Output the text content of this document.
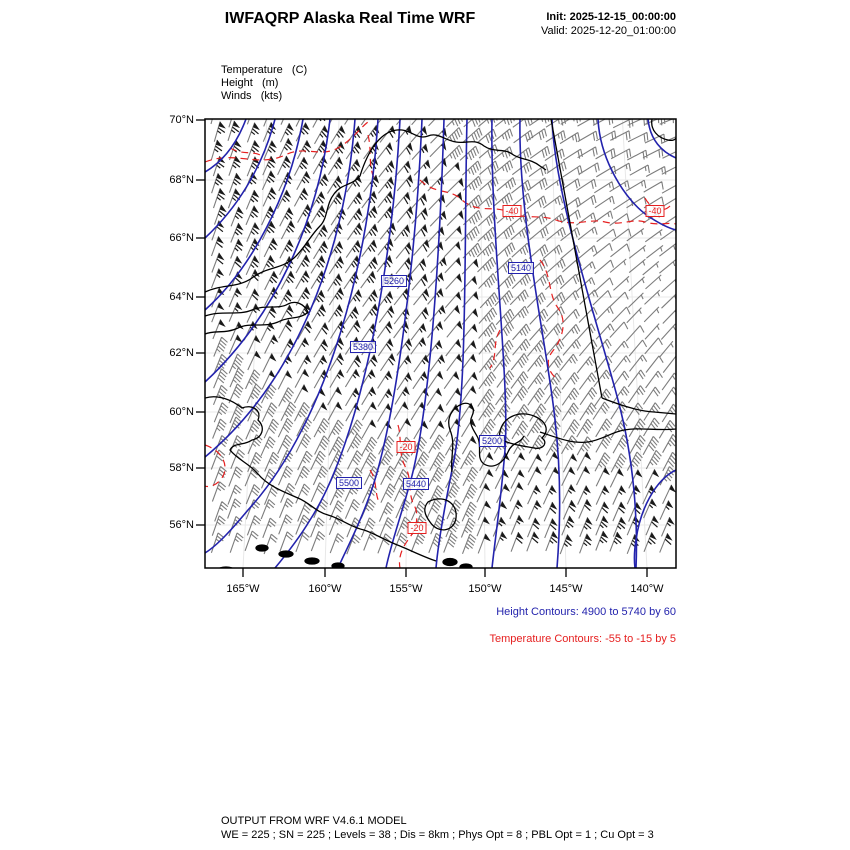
IWFAQRP Alaska Real Time WRF	Init: 2025-12-15_00:00:00
Valid: 2025-12-20_01:00:00
Temperature   (C)
Height   (m)
Winds   (kts)
Height Contours: 4900 to 5740 by 60
Temperature Contours: -55 to -15 by 5
OUTPUT FROM WRF V4.6.1 MODEL
WE = 225 ; SN = 225 ; Levels = 38 ; Dis = 8km ; Phys Opt = 8 ; PBL Opt = 1 ; Cu Opt = 3
70°N
68°N
66°N
64°N
62°N
60°N
58°N
56°N
165°W	160°W	155°W	150°W	145°W	140°W
5260
5140
5380
5500	5440
5200
-40	-40
-20
-20
